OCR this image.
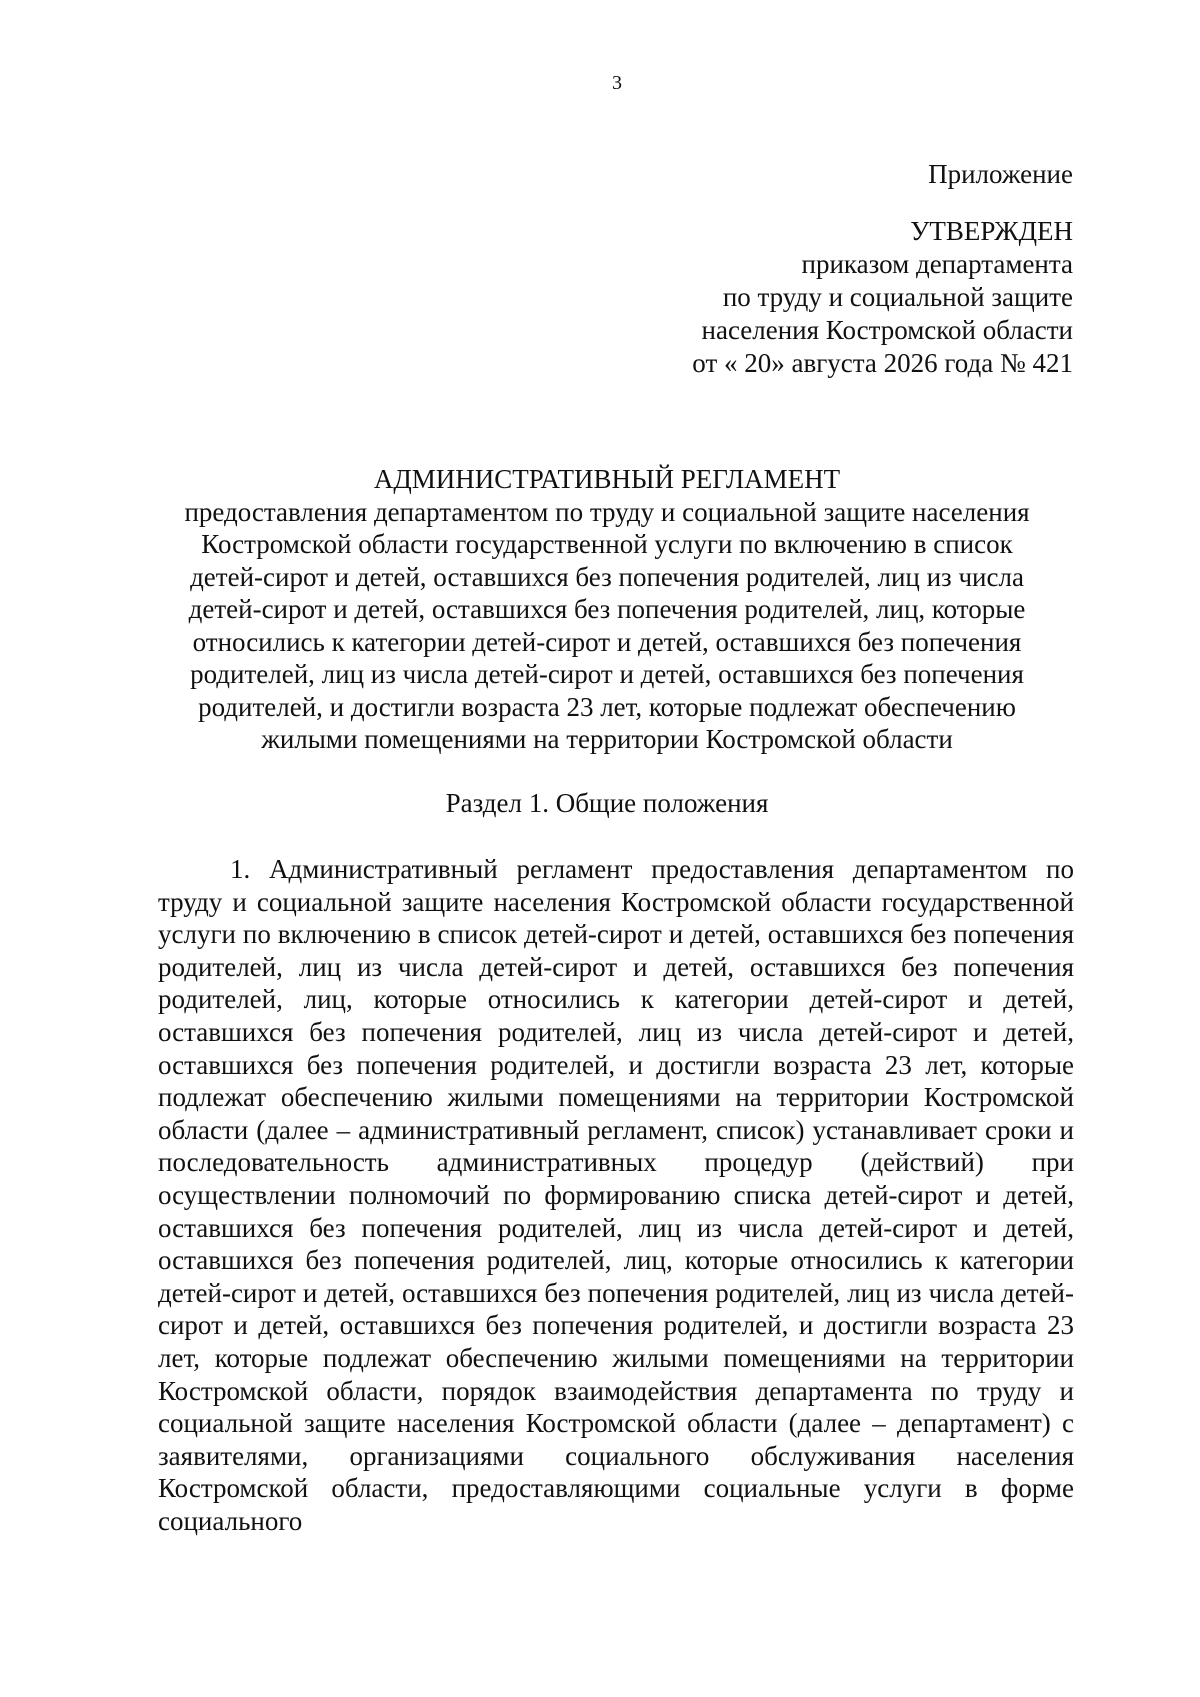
3
Приложение
УТВЕРЖДЕН
приказом департамента
по труду и социальной защите
населения Костромской области
от « 20» августа 2026 года № 421
АДМИНИСТРАТИВНЫЙ РЕГЛАМЕНТ
предоставления департаментом по труду и социальной защите населения
Костромской области государственной услуги по включению в список
детей-сирот и детей, оставшихся без попечения родителей, лиц из числа
детей-сирот и детей, оставшихся без попечения родителей, лиц, которые
относились к категории детей-сирот и детей, оставшихся без попечения
родителей, лиц из числа детей-сирот и детей, оставшихся без попечения
родителей, и достигли возраста 23 лет, которые подлежат обеспечению
жилыми помещениями на территории Костромской области
Раздел 1. Общие положения

1. Административный регламент предоставления департаментом по труду и социальной защите населения Костромской области государственной услуги по включению в список детей-сирот и детей, оставшихся без попечения родителей, лиц из числа детей-сирот и детей, оставшихся без попечения родителей, лиц, которые относились к категории детей-сирот и детей, оставшихся без попечения родителей, лиц из числа детей-сирот и детей, оставшихся без попечения родителей, и достигли возраста 23 лет, которые подлежат обеспечению жилыми помещениями на территории Костромской области (далее – административный регламент, список) устанавливает сроки и последовательность административных процедур (действий) при осуществлении полномочий по формированию списка детей-сирот и детей, оставшихся без попечения родителей, лиц из числа детей-сирот и детей, оставшихся без попечения родителей, лиц, которые относились к категории детей-сирот и детей, оставшихся без попечения родителей, лиц из числа детей-сирот и детей, оставшихся без попечения родителей, и достигли возраста 23 лет, которые подлежат обеспечению жилыми помещениями на территории Костромской области, порядок взаимодействия департамента по труду и социальной защите населения Костромской области (далее – департамент) с заявителями, организациями социального обслуживания населения Костромской области, предоставляющими социальные услуги в форме социального
